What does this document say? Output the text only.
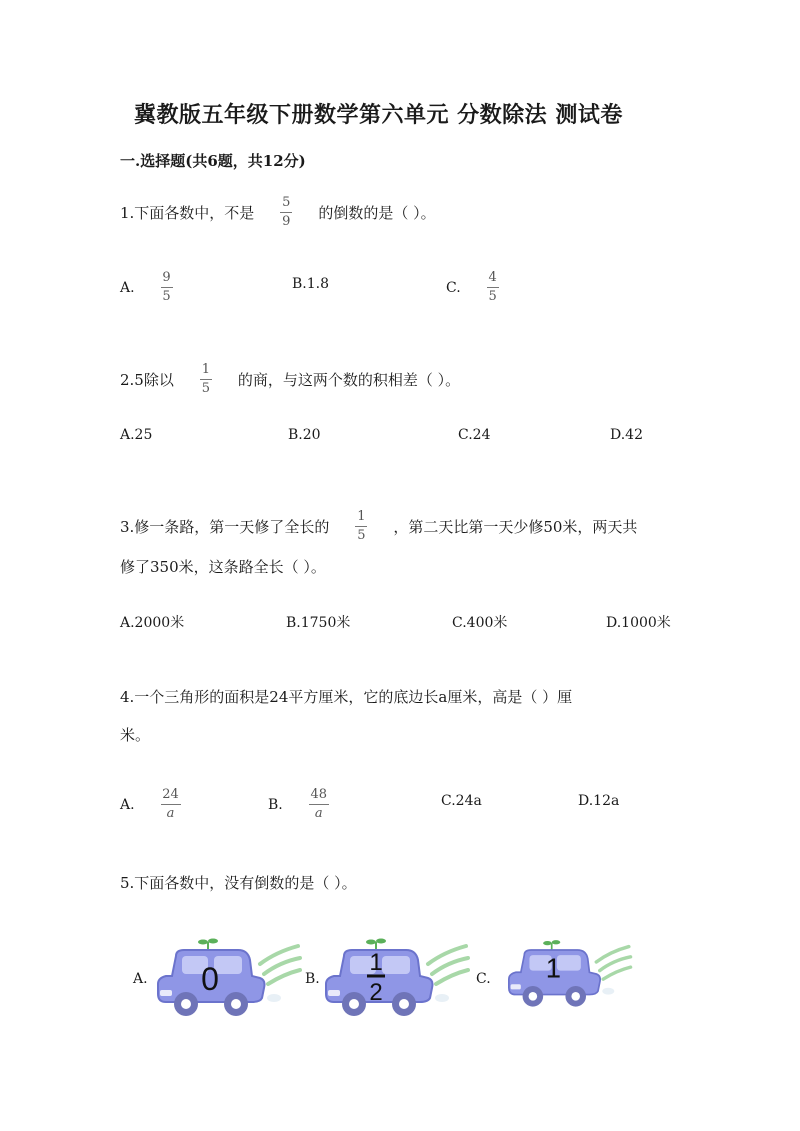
冀教版五年级下册数学第六单元 分数除法 测试卷
一.选择题(共6题，共12分)
1.下面各数中，不是 $\frac{5}{9}$ 的倒数的是（ ）。
A. $\frac{9}{5}$	B.1.8	C. $\frac{4}{5}$
2.5除以 $\frac{1}{5}$ 的商，与这两个数的积相差（ ）。
A.25	B.20	C.24	D.42
3.修一条路，第一天修了全长的 $\frac{1}{5}$ ，第二天比第一天少修50米，两天共
修了350米，这条路全长（ ）。
A.2000米	B.1750米	C.400米	D.1000米
4.一个三角形的面积是24平方厘米，它的底边长a厘米，高是（ ）厘
米。
A. $\frac{24}{a}$	B. $\frac{48}{a}$	C.24a	D.12a
5.下面各数中，没有倒数的是（ ）。
A. 0	B.
1
2	C. 1
